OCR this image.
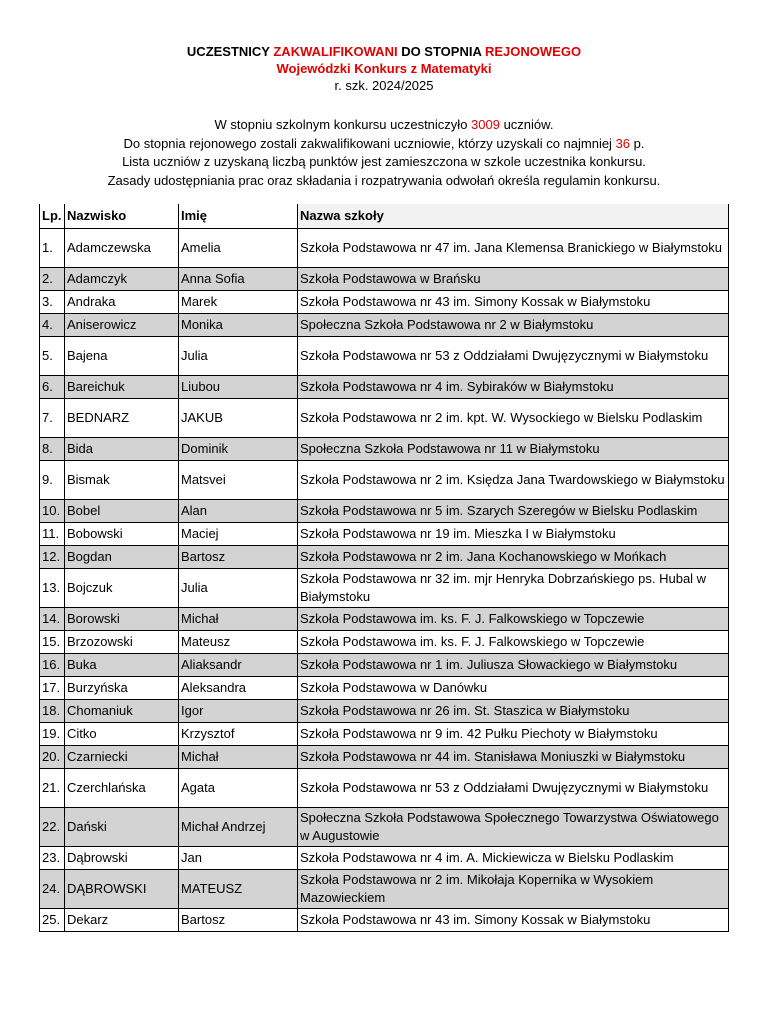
UCZESTNICY ZAKWALIFIKOWANI DO STOPNIA REJONOWEGO
Wojewódzki Konkurs z Matematyki
r. szk. 2024/2025
W stopniu szkolnym konkursu uczestniczyło 3009 uczniów.
Do stopnia rejonowego zostali zakwalifikowani uczniowie, którzy uzyskali co najmniej 36 p.
Lista uczniów z uzyskaną liczbą punktów jest zamieszczona w szkole uczestnika konkursu.
Zasady udostępniania prac oraz składania i rozpatrywania odwołań określa regulamin konkursu.
Lp.	Nazwisko	Imię	Nazwa szkoły
1.	Adamczewska	Amelia	Szkoła Podstawowa nr 47 im. Jana Klemensa Branickiego w Białymstoku
2.	Adamczyk	Anna Sofia	Szkoła Podstawowa w Brańsku
3.	Andraka	Marek	Szkoła Podstawowa nr 43 im. Simony Kossak w Białymstoku
4.	Aniserowicz	Monika	Społeczna Szkoła Podstawowa nr 2 w Białymstoku
5.	Bajena	Julia	Szkoła Podstawowa nr 53 z Oddziałami Dwujęzycznymi w Białymstoku
6.	Bareichuk	Liubou	Szkoła Podstawowa nr 4 im. Sybiraków w Białymstoku
7.	BEDNARZ	JAKUB	Szkoła Podstawowa nr 2 im. kpt. W. Wysockiego w Bielsku Podlaskim
8.	Bida	Dominik	Społeczna Szkoła Podstawowa nr 11 w Białymstoku
9.	Bismak	Matsvei	Szkoła Podstawowa nr 2 im. Księdza Jana Twardowskiego w Białymstoku
10.	Bobel	Alan	Szkoła Podstawowa nr 5 im. Szarych Szeregów w Bielsku Podlaskim
11.	Bobowski	Maciej	Szkoła Podstawowa nr 19 im. Mieszka I w Białymstoku
12.	Bogdan	Bartosz	Szkoła Podstawowa nr 2 im. Jana Kochanowskiego w Mońkach
13.	Bojczuk	Julia	Szkoła Podstawowa nr 32 im. mjr Henryka Dobrzańskiego ps. Hubal w Białymstoku
14.	Borowski	Michał	Szkoła Podstawowa im. ks. F. J. Falkowskiego w Topczewie
15.	Brzozowski	Mateusz	Szkoła Podstawowa im. ks. F. J. Falkowskiego w Topczewie
16.	Buka	Aliaksandr	Szkoła Podstawowa nr 1 im. Juliusza Słowackiego w Białymstoku
17.	Burzyńska	Aleksandra	Szkoła Podstawowa w Danówku
18.	Chomaniuk	Igor	Szkoła Podstawowa nr 26 im. St. Staszica w Białymstoku
19.	Citko	Krzysztof	Szkoła Podstawowa nr 9 im. 42 Pułku Piechoty w Białymstoku
20.	Czarniecki	Michał	Szkoła Podstawowa nr 44 im. Stanisława Moniuszki w Białymstoku
21.	Czerchlańska	Agata	Szkoła Podstawowa nr 53 z Oddziałami Dwujęzycznymi w Białymstoku
22.	Dański	Michał Andrzej	Społeczna Szkoła Podstawowa Społecznego Towarzystwa Oświatowego w Augustowie
23.	Dąbrowski	Jan	Szkoła Podstawowa nr 4 im. A. Mickiewicza w Bielsku Podlaskim
24.	DĄBROWSKI	MATEUSZ	Szkoła Podstawowa nr 2 im. Mikołaja Kopernika w Wysokiem Mazowieckiem
25.	Dekarz	Bartosz	Szkoła Podstawowa nr 43 im. Simony Kossak w Białymstoku
